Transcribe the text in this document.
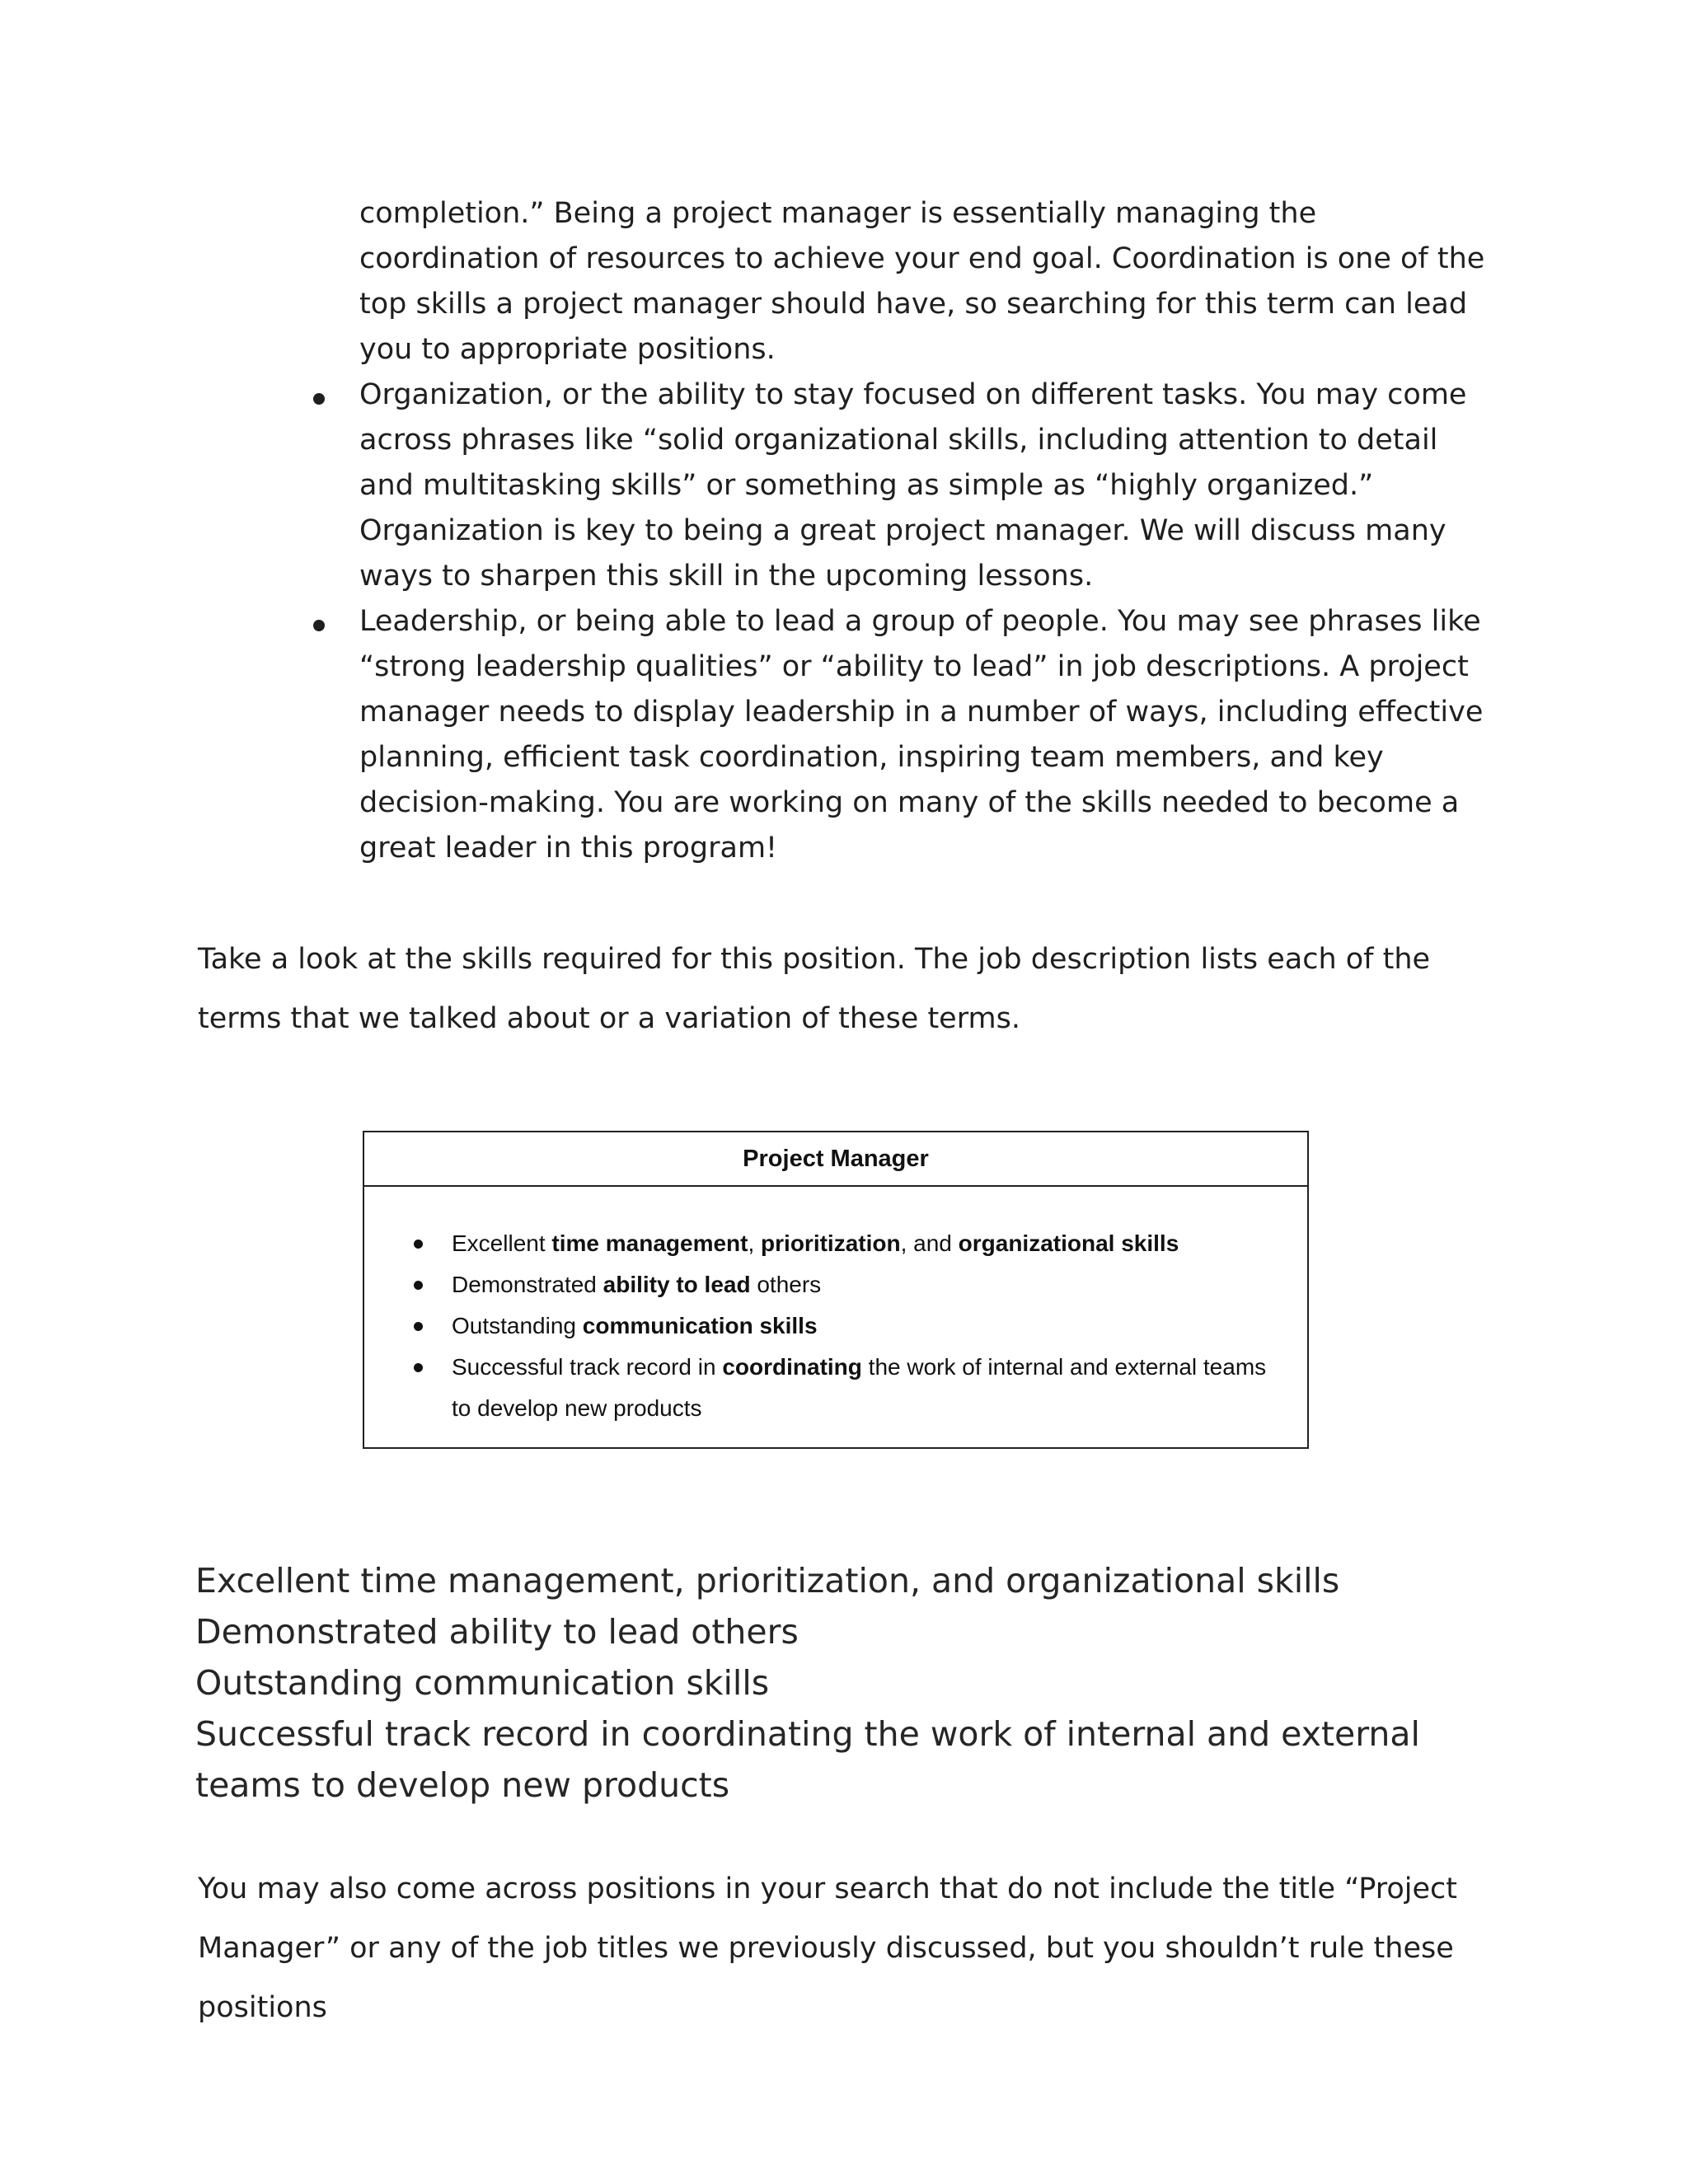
completion.” Being a project manager is essentially managing the coordination of resources to achieve your end goal. Coordination is one of the top skills a project manager should have, so searching for this term can lead you to appropriate positions.

Organization, or the ability to stay focused on different tasks. You may come across phrases like “solid organizational skills, including attention to detail and multitasking skills” or something as simple as “highly organized.” Organization is key to being a great project manager. We will discuss many ways to sharpen this skill in the upcoming lessons.
Leadership, or being able to lead a group of people. You may see phrases like “strong leadership qualities” or “ability to lead” in job descriptions. A project manager needs to display leadership in a number of ways, including effective planning, efficient task coordination, inspiring team members, and key decision-making. You are working on many of the skills needed to become a great leader in this program!

Take a look at the skills required for this position. The job description lists each of the terms that we talked about or a variation of these terms.

Project Manager
Excellent time management, prioritization, and organizational skills
Demonstrated ability to lead others
Outstanding communication skills
Successful track record in coordinating the work of internal and external teams to develop new products
Excellent time management, prioritization, and organizational skills
Demonstrated ability to lead others
Outstanding communication skills
Successful track record in coordinating the work of internal and external teams to develop new products

You may also come across positions in your search that do not include the title “Project Manager” or any of the job titles we previously discussed, but you shouldn’t rule these positions
